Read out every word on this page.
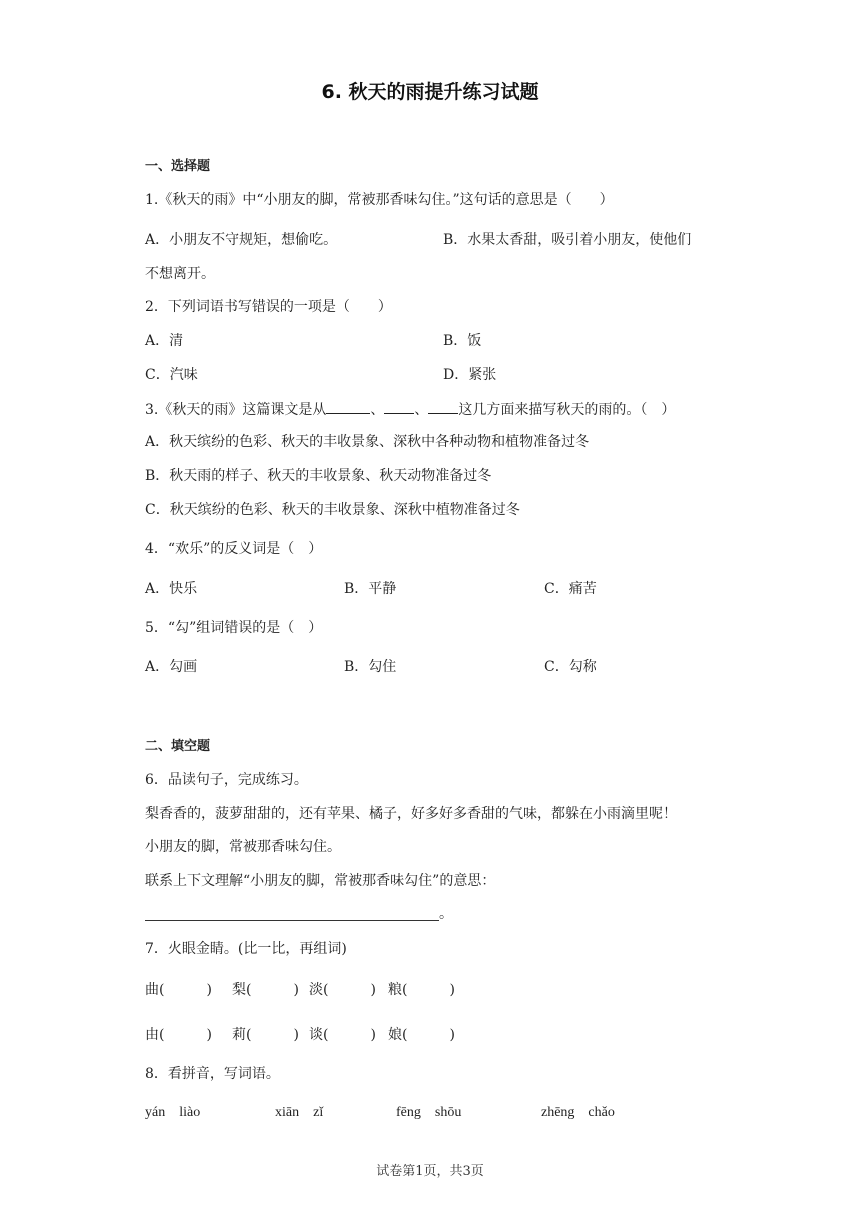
6. 秋天的雨提升练习试题
一、选择题
1.《秋天的雨》中“小朋友的脚，常被那香味勾住。”这句话的意思是（　　）
A．小朋友不守规矩，想偷吃。	B．水果太香甜，吸引着小朋友，使他们
不想离开。
2．下列词语书写错误的一项是（　　）
A．清	B．饭
C．汽味	D．紧张
3.《秋天的雨》这篇课文是从	、 、 这几方面来描写秋天的雨的。（　）
A．秋天缤纷的色彩、秋天的丰收景象、深秋中各种动物和植物准备过冬
B．秋天雨的样子、秋天的丰收景象、秋天动物准备过冬
C．秋天缤纷的色彩、秋天的丰收景象、深秋中植物准备过冬
4．“欢乐”的反义词是（　）
A．快乐	B．平静	C．痛苦
5．“勾”组词错误的是（　）
A．勾画	B．勾住	C．勾称
二、填空题
6．品读句子，完成练习。
梨香香的，菠萝甜甜的，还有苹果、橘子，好多好多香甜的气味，都躲在小雨滴里呢！
小朋友的脚，常被那香味勾住。
联系上下文理解“小朋友的脚，常被那香味勾住”的意思：
。
7．火眼金睛。(比一比，再组词)
曲(　　　) 梨(　　　) 淡(　　　) 粮(　　　)
由(　　　) 莉(　　　) 谈(　　　) 娘(　　　)
8．看拼音，写词语。
yán　liào	xiān　zǐ	fēng　shōu	zhēng　chǎo
试卷第1页，共3页
